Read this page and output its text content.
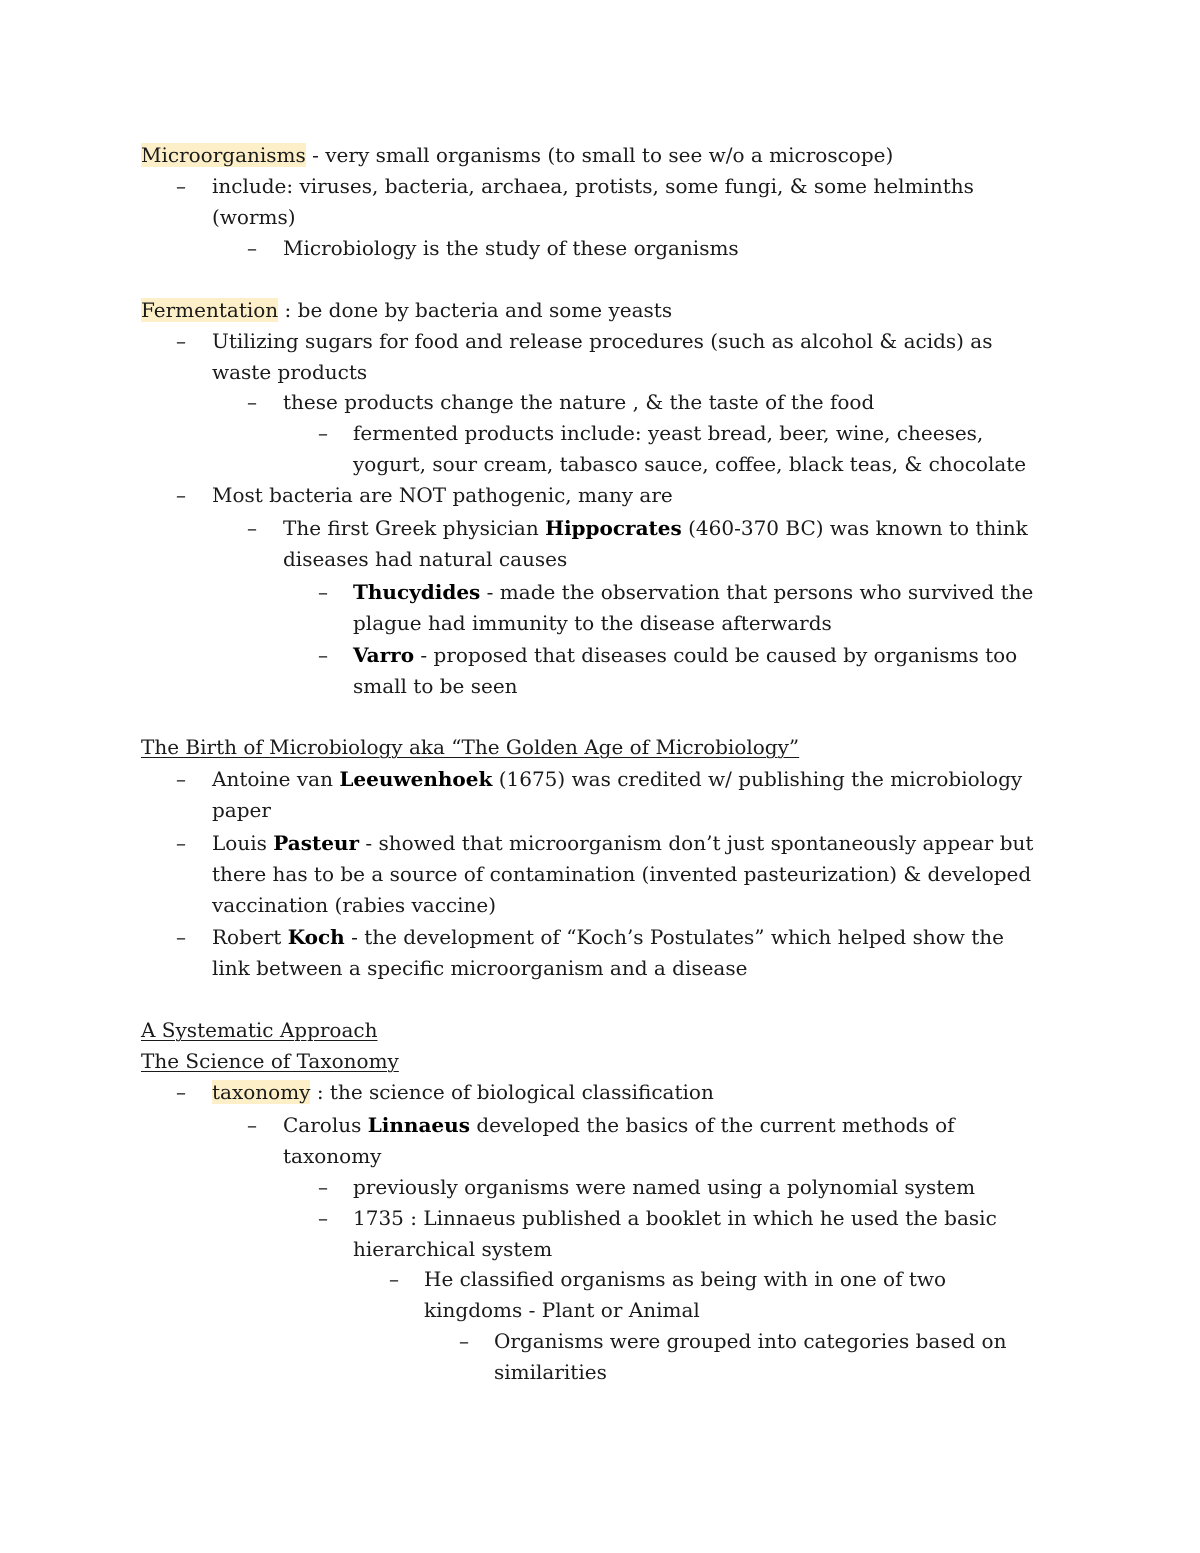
Microorganisms - very small organisms (to small to see w/o a microscope)
– include: viruses, bacteria, archaea, protists, some fungi, & some helminths
(worms)
– Microbiology is the study of these organisms
Fermentation : be done by bacteria and some yeasts
– Utilizing sugars for food and release procedures (such as alcohol & acids) as
waste products
– these products change the nature , & the taste of the food
– fermented products include: yeast bread, beer, wine, cheeses,
yogurt, sour cream, tabasco sauce, coffee, black teas, & chocolate
– Most bacteria are NOT pathogenic, many are
– The first Greek physician Hippocrates (460-370 BC) was known to think
diseases had natural causes
– Thucydides - made the observation that persons who survived the
plague had immunity to the disease afterwards
– Varro - proposed that diseases could be caused by organisms too
small to be seen
The Birth of Microbiology aka “The Golden Age of Microbiology”
– Antoine van Leeuwenhoek (1675) was credited w/ publishing the microbiology
paper
– Louis Pasteur - showed that microorganism don’t just spontaneously appear but
there has to be a source of contamination (invented pasteurization) & developed
vaccination (rabies vaccine)
– Robert Koch - the development of “Koch’s Postulates” which helped show the
link between a specific microorganism and a disease
A Systematic Approach
The Science of Taxonomy
– taxonomy : the science of biological classification
– Carolus Linnaeus developed the basics of the current methods of
taxonomy
– previously organisms were named using a polynomial system
– 1735 : Linnaeus published a booklet in which he used the basic
hierarchical system
– He classified organisms as being with in one of two
kingdoms - Plant or Animal
– Organisms were grouped into categories based on
similarities
